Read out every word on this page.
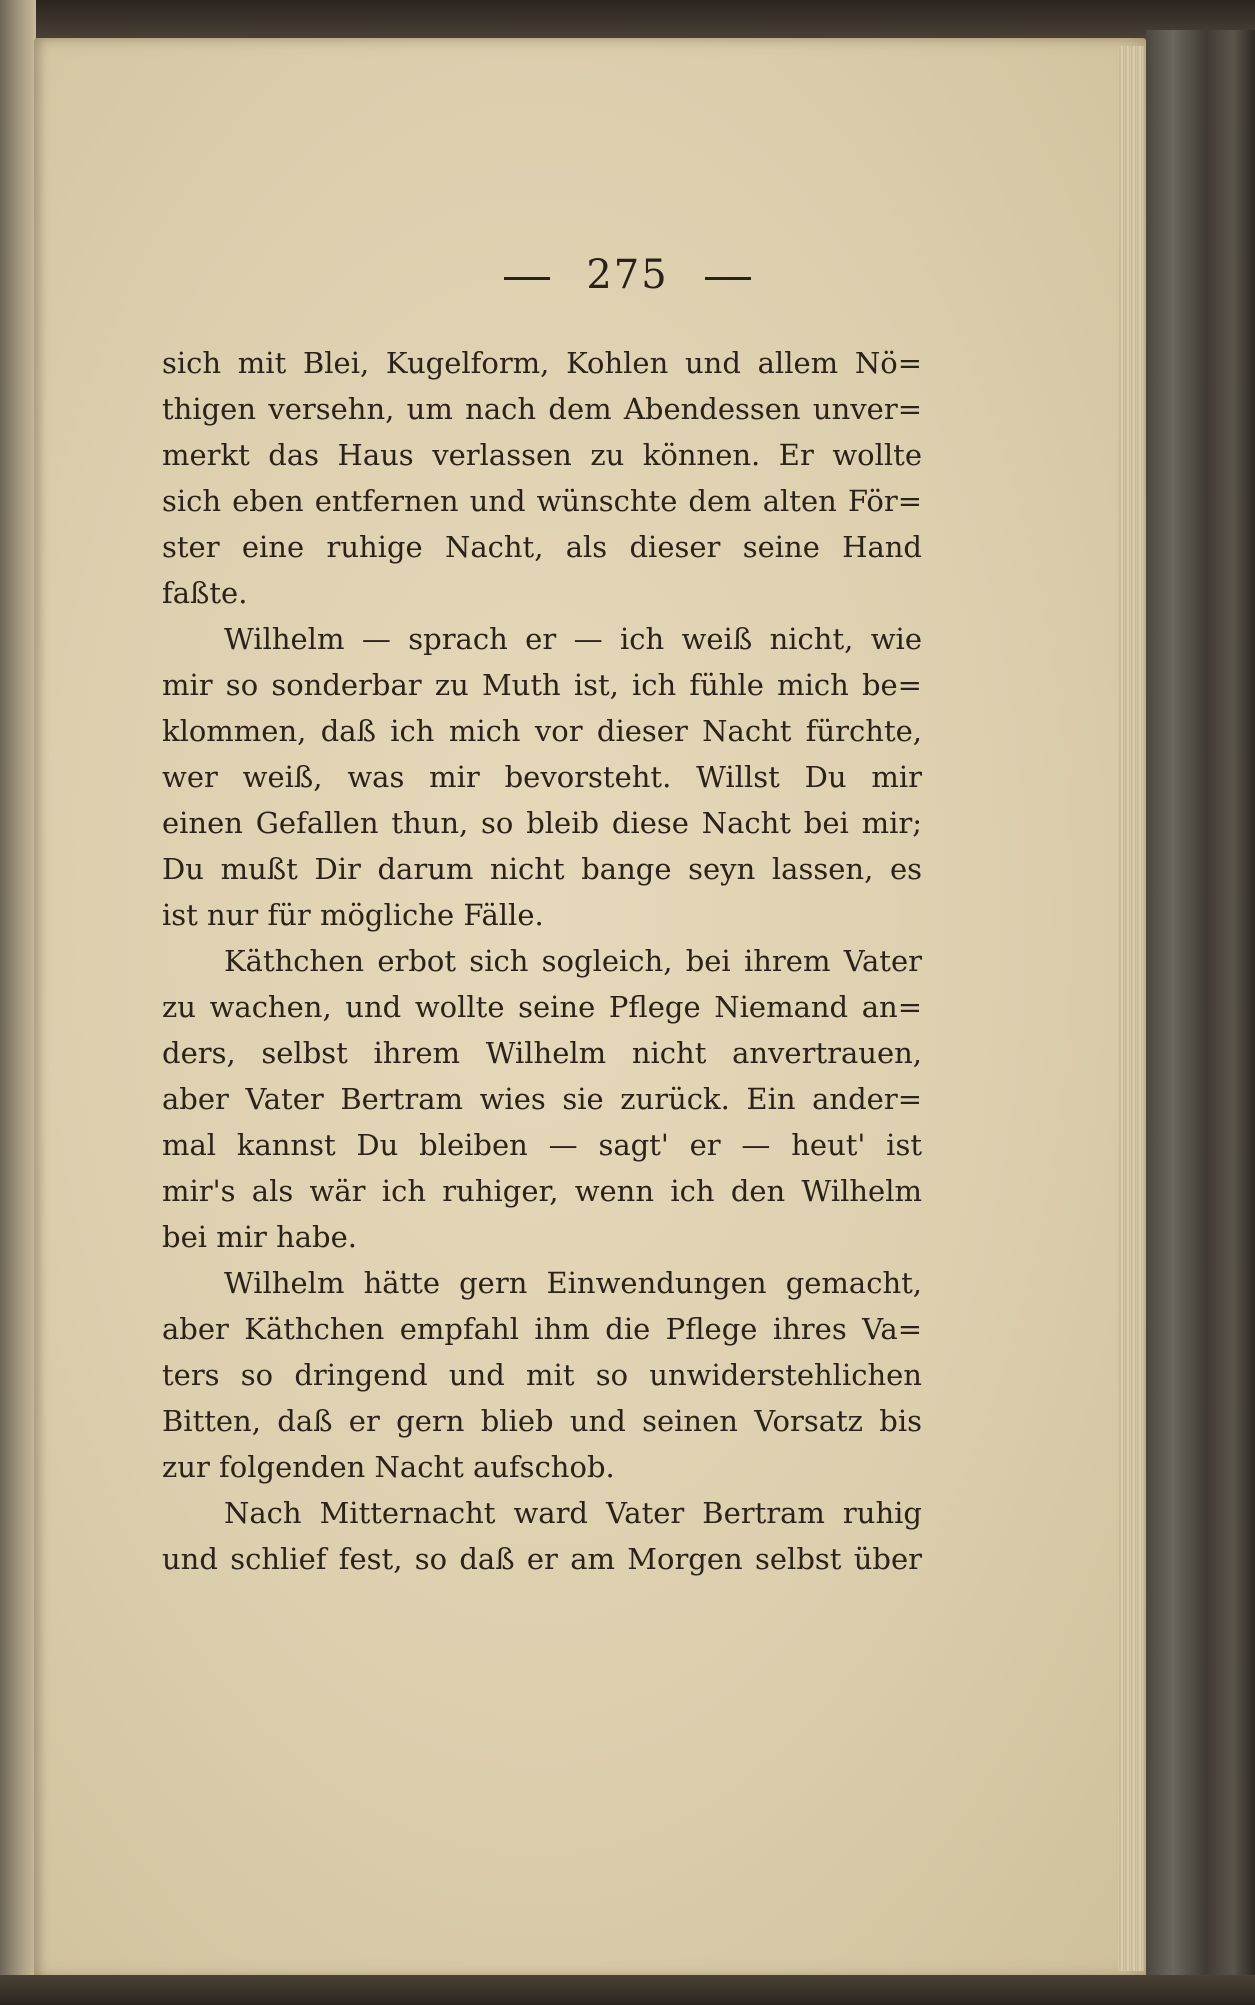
275
sich mit Blei, Kugelform, Kohlen und allem Nö=
thigen versehn, um nach dem Abendessen unver=
merkt das Haus verlassen zu können. Er wollte
sich eben entfernen und wünschte dem alten För=
ster eine ruhige Nacht, als dieser seine Hand
faßte.
Wilhelm — sprach er — ich weiß nicht, wie
mir so sonderbar zu Muth ist, ich fühle mich be=
klommen, daß ich mich vor dieser Nacht fürchte,
wer weiß, was mir bevorsteht. Willst Du mir
einen Gefallen thun, so bleib diese Nacht bei mir;
Du mußt Dir darum nicht bange seyn lassen, es
ist nur für mögliche Fälle.
Käthchen erbot sich sogleich, bei ihrem Vater
zu wachen, und wollte seine Pflege Niemand an=
ders, selbst ihrem Wilhelm nicht anvertrauen,
aber Vater Bertram wies sie zurück. Ein ander=
mal kannst Du bleiben — sagt' er — heut' ist
mir's als wär ich ruhiger, wenn ich den Wilhelm
bei mir habe.
Wilhelm hätte gern Einwendungen gemacht,
aber Käthchen empfahl ihm die Pflege ihres Va=
ters so dringend und mit so unwiderstehlichen
Bitten, daß er gern blieb und seinen Vorsatz bis
zur folgenden Nacht aufschob.
Nach Mitternacht ward Vater Bertram ruhig
und schlief fest, so daß er am Morgen selbst über
